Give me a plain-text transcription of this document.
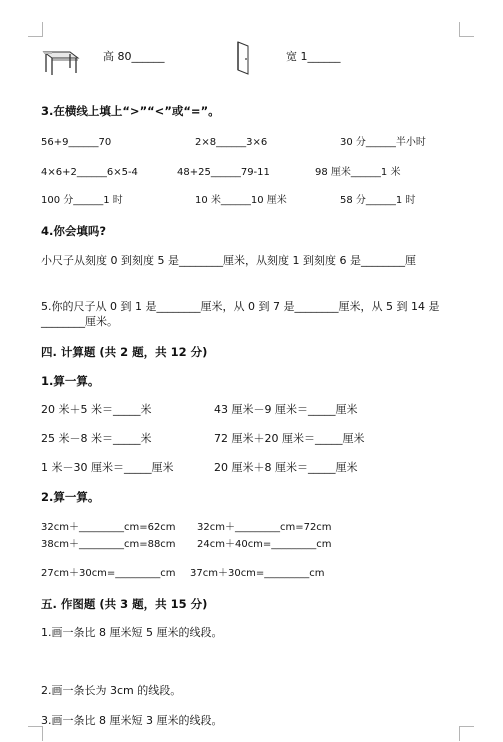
高 80______	宽 1______
3.在横线上填上“>”“<”或“=”。
56+9______70	2×8______3×6	30 分______半小时
4×6+2______6×5-4	48+25______79-11	98 厘米______1 米
100 分______1 时	10 米______10 厘米	58 分______1 时
4.你会填吗?
小尺子从刻度 0 到刻度 5 是________厘米，从刻度 1 到刻度 6 是________厘
5.你的尺子从 0 到 1 是________厘米，从 0 到 7 是________厘米，从 5 到 14 是
________厘米。
四. 计算题 (共 2 题，共 12 分)
1.算一算。
20 米＋5 米＝_____米	43 厘米－9 厘米＝_____厘米
25 米－8 米＝_____米	72 厘米＋20 厘米＝_____厘米
1 米－30 厘米＝_____厘米	20 厘米＋8 厘米＝_____厘米
2.算一算。
32cm＋_________cm=62cm 32cm＋_________cm=72cm
38cm＋_________cm=88cm 24cm＋40cm=_________cm
27cm＋30cm=_________cm 37cm＋30cm=_________cm
五. 作图题 (共 3 题，共 15 分)
1.画一条比 8 厘米短 5 厘米的线段。
2.画一条长为 3cm 的线段。
3.画一条比 8 厘米短 3 厘米的线段。
